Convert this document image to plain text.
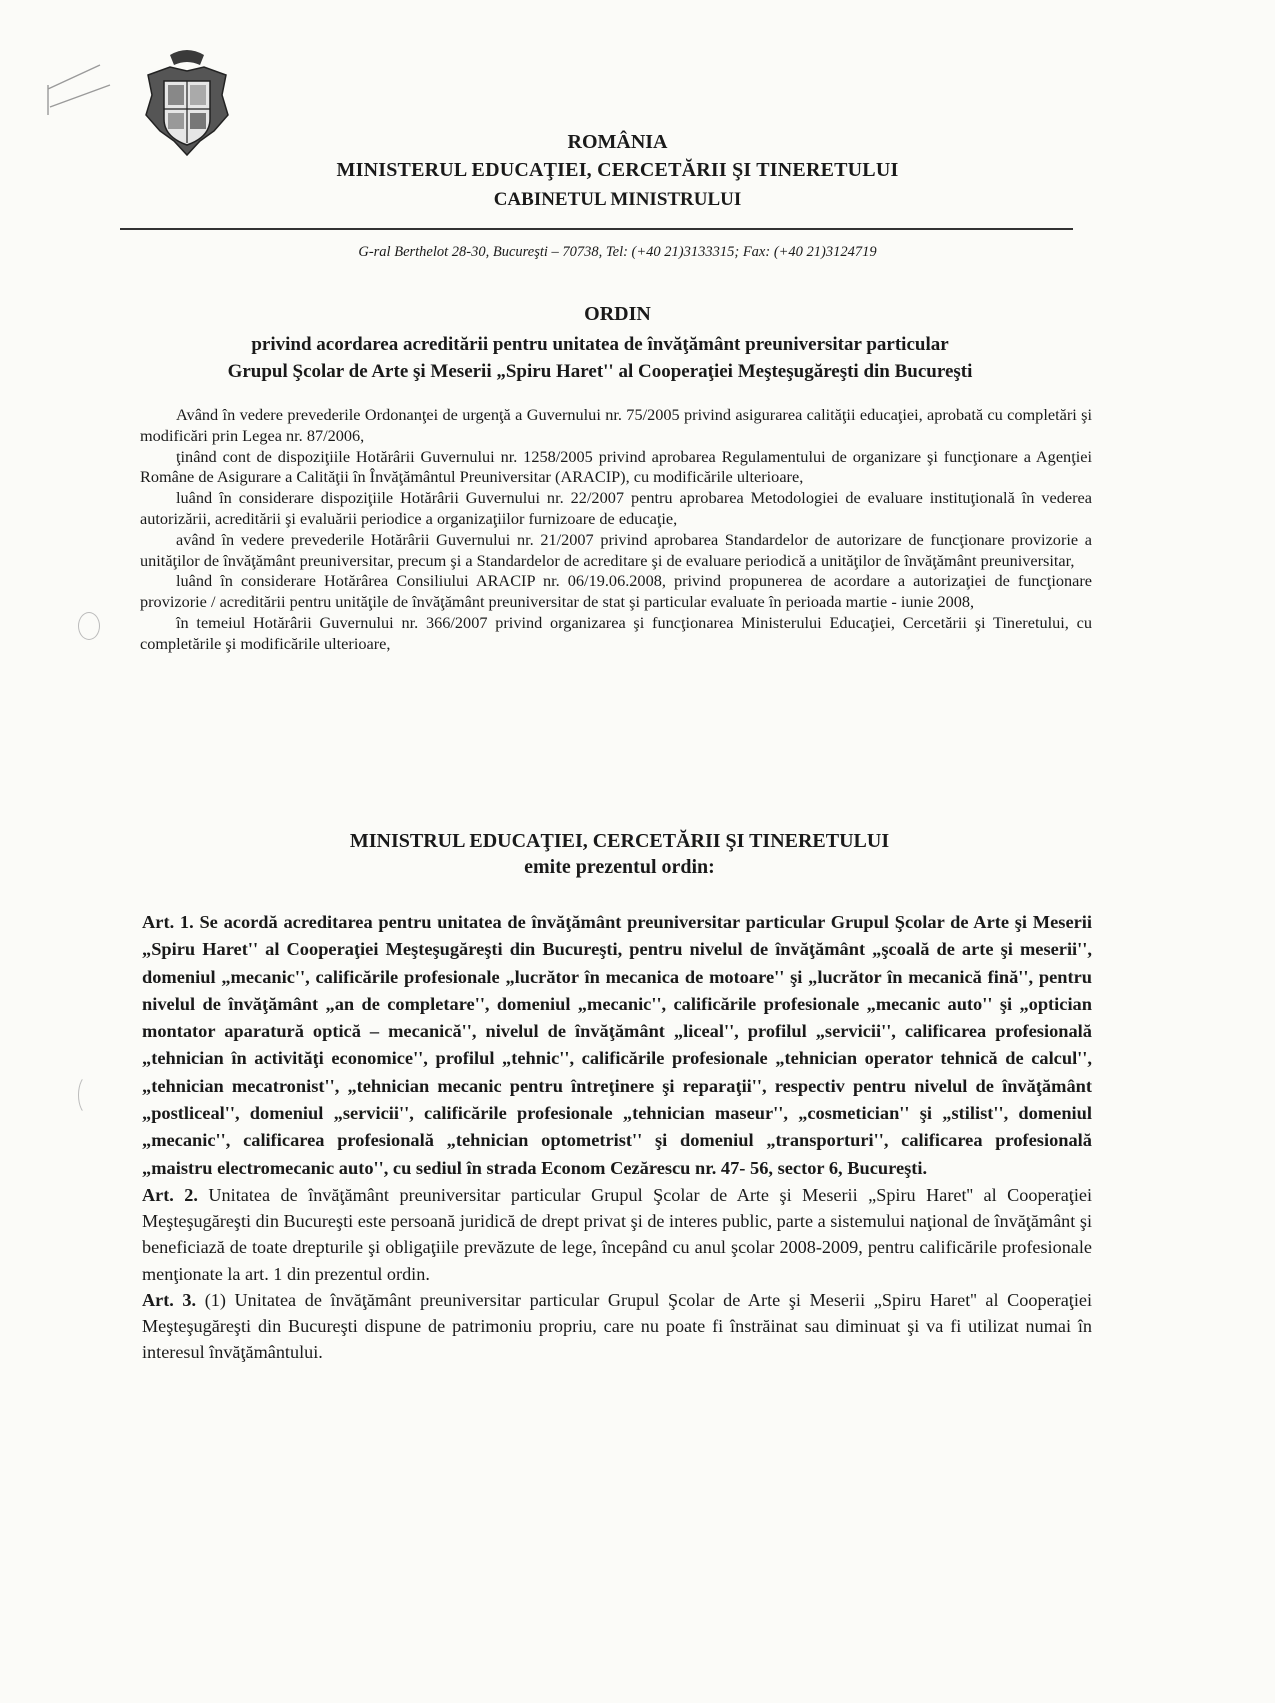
ROMÂNIA
MINISTERUL EDUCAŢIEI, CERCETĂRII ŞI TINERETULUI
CABINETUL MINISTRULUI
G-ral Berthelot 28-30, Bucureşti – 70738, Tel: (+40 21)3133315; Fax: (+40 21)3124719
ORDIN
privind acordarea acreditării pentru unitatea de învăţământ preuniversitar particular
Grupul Şcolar de Arte şi Meserii „Spiru Haret'' al Cooperaţiei Meşteşugăreşti din Bucureşti

Având în vedere prevederile Ordonanţei de urgenţă a Guvernului nr. 75/2005 privind asigurarea calităţii educaţiei, aprobată cu completări şi modificări prin Legea nr. 87/2006,

ţinând cont de dispoziţiile Hotărârii Guvernului nr. 1258/2005 privind aprobarea Regulamentului de organizare şi funcţionare a Agenţiei Române de Asigurare a Calităţii în Învăţământul Preuniversitar (ARACIP), cu modificările ulterioare,

luând în considerare dispoziţiile Hotărârii Guvernului nr. 22/2007 pentru aprobarea Metodologiei de evaluare instituţională în vederea autorizării, acreditării şi evaluării periodice a organizaţiilor furnizoare de educaţie,

având în vedere prevederile Hotărârii Guvernului nr. 21/2007 privind aprobarea Standardelor de autorizare de funcţionare provizorie a unităţilor de învăţământ preuniversitar, precum şi a Standardelor de acreditare şi de evaluare periodică a unităţilor de învăţământ preuniversitar,

luând în considerare Hotărârea Consiliului ARACIP nr. 06/19.06.2008, privind propunerea de acordare a autorizaţiei de funcţionare provizorie / acreditării pentru unităţile de învăţământ preuniversitar de stat şi particular evaluate în perioada martie - iunie 2008,

în temeiul Hotărârii Guvernului nr. 366/2007 privind organizarea şi funcţionarea Ministerului Educaţiei, Cercetării şi Tineretului, cu completările şi modificările ulterioare,

MINISTRUL EDUCAŢIEI, CERCETĂRII ŞI TINERETULUI
emite prezentul ordin:

Art. 1. Se acordă acreditarea pentru unitatea de învăţământ preuniversitar particular Grupul Şcolar de Arte şi Meserii „Spiru Haret'' al Cooperaţiei Meşteşugăreşti din Bucureşti, pentru nivelul de învăţământ „şcoală de arte şi meserii'', domeniul „mecanic'', calificările profesionale „lucrător în mecanica de motoare'' şi „lucrător în mecanică fină'', pentru nivelul de învăţământ „an de completare'', domeniul „mecanic'', calificările profesionale „mecanic auto'' şi „optician montator aparatură optică – mecanică'', nivelul de învăţământ „liceal'', profilul „servicii'', calificarea profesională „tehnician în activităţi economice'', profilul „tehnic'', calificările profesionale „tehnician operator tehnică de calcul'', „tehnician mecatronist'', „tehnician mecanic pentru întreţinere şi reparaţii'', respectiv pentru nivelul de învăţământ „postliceal'', domeniul „servicii'', calificările profesionale „tehnician maseur'', „cosmetician'' şi „stilist'', domeniul „mecanic'', calificarea profesională „tehnician optometrist'' şi domeniul „transporturi'', calificarea profesională „maistru electromecanic auto'', cu sediul în strada Econom Cezărescu nr. 47- 56, sector 6, Bucureşti.

Art. 2. Unitatea de învăţământ preuniversitar particular Grupul Şcolar de Arte şi Meserii „Spiru Haret'' al Cooperaţiei Meşteşugăreşti din Bucureşti este persoană juridică de drept privat şi de interes public, parte a sistemului naţional de învăţământ şi beneficiază de toate drepturile şi obligaţiile prevăzute de lege, începând cu anul şcolar 2008-2009, pentru calificările profesionale menţionate la art. 1 din prezentul ordin.

Art. 3. (1) Unitatea de învăţământ preuniversitar particular Grupul Şcolar de Arte şi Meserii „Spiru Haret'' al Cooperaţiei Meşteşugăreşti din Bucureşti dispune de patrimoniu propriu, care nu poate fi înstrăinat sau diminuat şi va fi utilizat numai în interesul învăţământului.
